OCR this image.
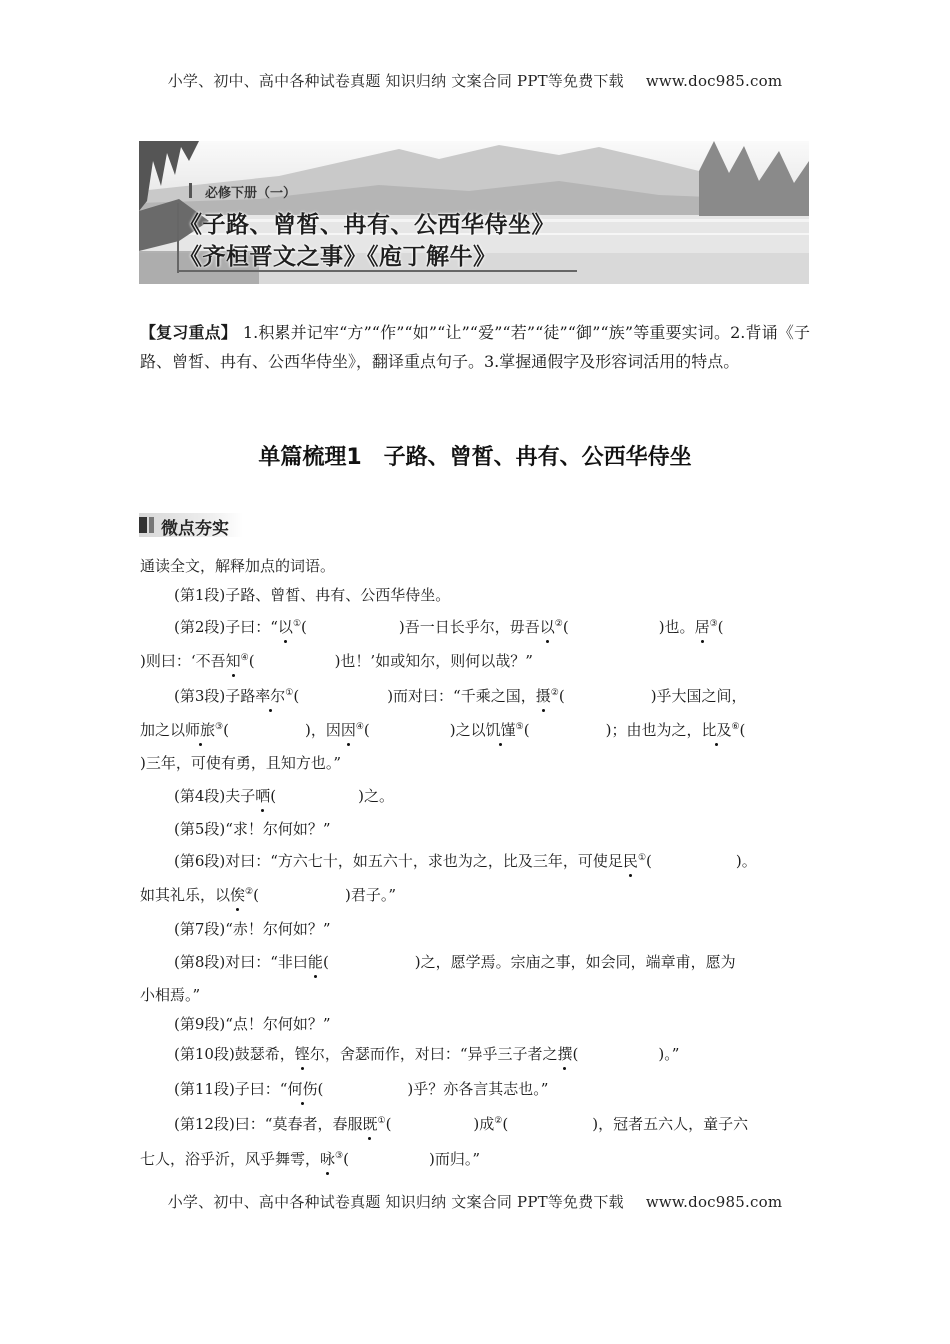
小学、初中、高中各种试卷真题 知识归纳 文案合同 PPT等免费下载 www.doc985.com
必修下册（一）
《子路、曾皙、冉有、公西华侍坐》
《齐桓晋文之事》《庖丁解牛》
【复习重点】 1.积累并记牢“方”“作”“如”“让”“爱”“若”“徒”“御”“族”等重要实词。2.背诵《子路、曾皙、冉有、公西华侍坐》，翻译重点句子。3.掌握通假字及形容词活用的特点。
单篇梳理1　子路、曾皙、冉有、公西华侍坐
微点夯实
通读全文，解释加点的词语。
(第1段)子路、曾皙、冉有、公西华侍坐。
(第2段)子曰：“以①(	)吾一日长乎尔，毋吾以②(	)也。居③(
)则曰：‘不吾知④(	)也！’如或知尔，则何以哉？”
(第3段)子路率尔①(	)而对曰：“千乘之国，摄②(	)乎大国之间，
加之以师旅③(	)，因因④(	)之以饥馑⑤(	)；由也为之，比及⑥(
)三年，可使有勇，且知方也。”
(第4段)夫子哂(	)之。
(第5段)“求！尔何如？”
(第6段)对曰：“方六七十，如五六十，求也为之，比及三年，可使足民①(	)。
如其礼乐，以俟②(	)君子。”
(第7段)“赤！尔何如？”
(第8段)对曰：“非曰能(	)之，愿学焉。宗庙之事，如会同，端章甫，愿为
小相焉。”
(第9段)“点！尔何如？”
(第10段)鼓瑟希，铿尔，舍瑟而作，对曰：“异乎三子者之撰(	)。”
(第11段)子曰：“何伤(	)乎？亦各言其志也。”
(第12段)曰：“莫春者，春服既①(	)成②(	)，冠者五六人，童子六
七人，浴乎沂，风乎舞雩，咏③(	)而归。”
小学、初中、高中各种试卷真题 知识归纳 文案合同 PPT等免费下载 www.doc985.com
